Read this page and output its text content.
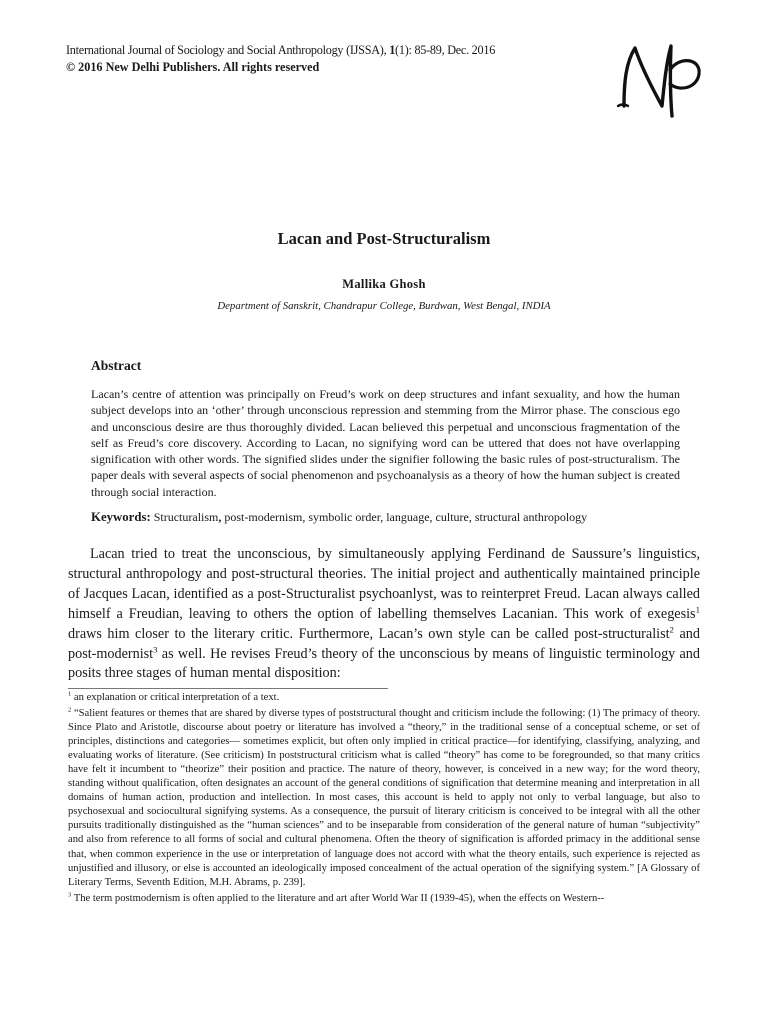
International Journal of Sociology and Social Anthropology (IJSSA), 1(1): 85-89, Dec. 2016
© 2016 New Delhi Publishers. All rights reserved
Lacan and Post-Structuralism
Mallika Ghosh
Department of Sanskrit, Chandrapur College, Burdwan, West Bengal, INDIA
Abstract
Lacan’s centre of attention was principally on Freud’s work on deep structures and infant sexuality, and how the human subject develops into an ‘other’ through unconscious repression and stemming from the Mirror phase. The conscious ego and unconscious desire are thus thoroughly divided. Lacan believed this perpetual and unconscious fragmentation of the self as Freud’s core discovery. According to Lacan, no signifying word can be uttered that does not have overlapping signification with other words. The signified slides under the signifier following the basic rules of post-structuralism. The paper deals with several aspects of social phenomenon and psychoanalysis as a theory of how the human subject is created through social interaction.
Keywords: Structuralism, post-modernism, symbolic order, language, culture, structural anthropology
Lacan tried to treat the unconscious, by simultaneously applying Ferdinand de Saussure’s linguistics, structural anthropology and post-structural theories. The initial project and authentically maintained principle of Jacques Lacan, identified as a post-Structuralist psychoanlyst, was to reinterpret Freud. Lacan always called himself a Freudian, leaving to others the option of labelling themselves Lacanian. This work of exegesis$^1$ draws him closer to the literary critic. Furthermore, Lacan’s own style can be called post-structuralist$^2$ and post-modernist$^3$ as well. He revises Freud’s theory of the unconscious by means of linguistic terminology and posits three stages of human mental disposition:

$^1$ an explanation or critical interpretation of a text.

$^2$ “Salient features or themes that are shared by diverse types of poststructural thought and criticism include the following: (1) The primacy of theory. Since Plato and Aristotle, discourse about poetry or literature has involved a “theory,” in the traditional sense of a conceptual scheme, or set of principles, distinctions and categories— sometimes explicit, but often only implied in critical practice—for identifying, classifying, analyzing, and evaluating works of literature. (See criticism) In poststructural criticism what is called “theory” has come to be foregrounded, so that many critics have felt it incumbent to “theorize” their position and practice. The nature of theory, however, is conceived in a new way; for the word theory, standing without qualification, often designates an account of the general conditions of signification that determine meaning and interpretation in all domains of human action, production and intellection. In most cases, this account is held to apply not only to verbal language, but also to psychosexual and sociocultural signifying systems. As a consequence, the pursuit of literary criticism is conceived to be integral with all the other pursuits traditionally distinguished as the “human sciences” and to be inseparable from consideration of the general nature of human “subjectivity” and also from reference to all forms of social and cultural phenomena. Often the theory of signification is afforded primacy in the additional sense that, when common experience in the use or interpretation of language does not accord with what the theory entails, such experience is rejected as unjustified and illusory, or else is accounted an ideologically imposed concealment of the actual operation of the signifying system.” [A Glossary of Literary Terms, Seventh Edition, M.H. Abrams, p. 239].

$^3$ The term postmodernism is often applied to the literature and art after World War II (1939-45), when the effects on Western--
